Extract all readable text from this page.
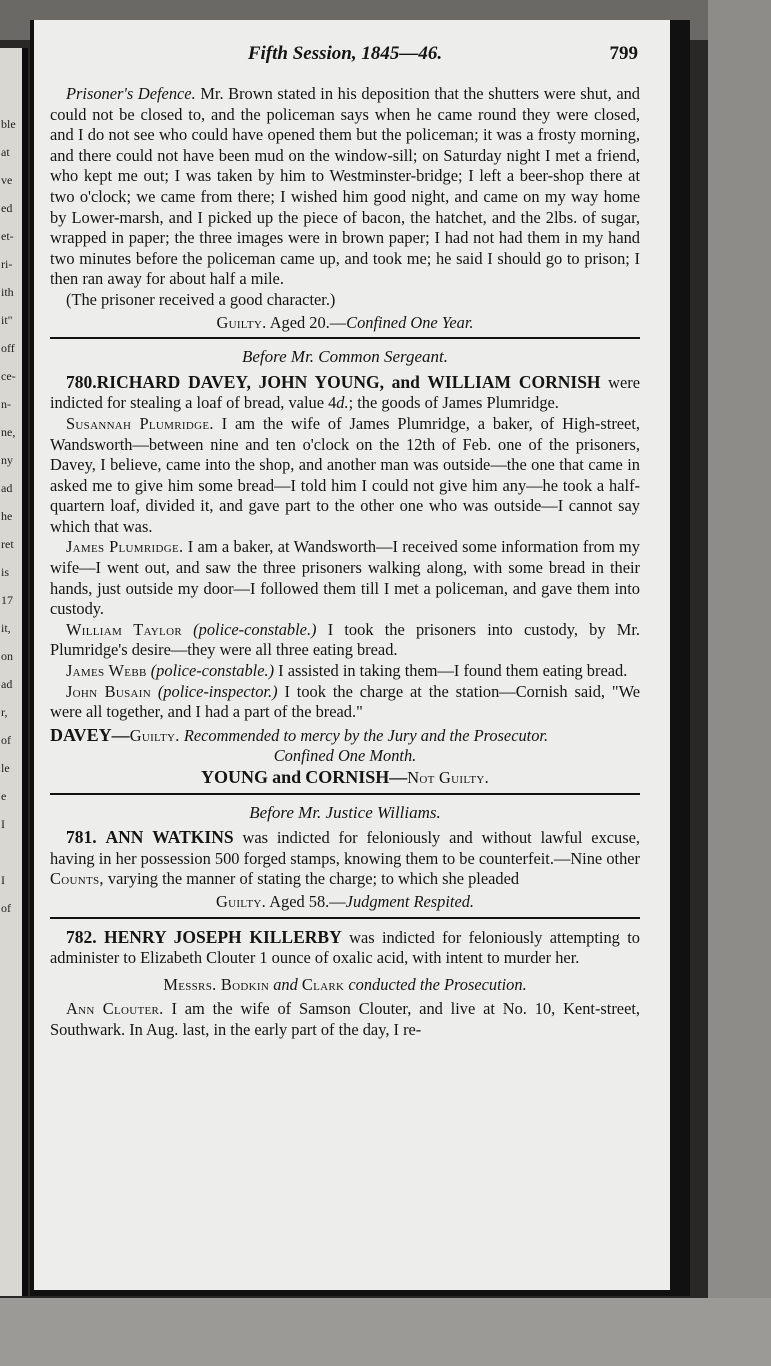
ble
at
ve
ed
et-
ri-
ith
it"
off
ce-
n-
ne,
ny
ad
he
ret
is
17
it,
on
ad
r,
of
le
e
I
I
of
Fifth Session, 1845—46.	799

Prisoner's Defence. Mr. Brown stated in his deposition that the shutters were shut, and could not be closed to, and the policeman says when he came round they were closed, and I do not see who could have opened them but the policeman; it was a frosty morning, and there could not have been mud on the window-sill; on Saturday night I met a friend, who kept me out; I was taken by him to Westminster-bridge; I left a beer-shop there at two o'clock; we came from there; I wished him good night, and came on my way home by Lower-marsh, and I picked up the piece of bacon, the hatchet, and the 2lbs. of sugar, wrapped in paper; the three images were in brown paper; I had not had them in my hand two minutes before the policeman came up, and took me; he said I should go to prison; I then ran away for about half a mile.

(The prisoner received a good character.)

Guilty. Aged 20.—Confined One Year.

Before Mr. Common Sergeant.

780.RICHARD DAVEY, JOHN YOUNG, and WILLIAM CORNISH were indicted for stealing a loaf of bread, value 4d.; the goods of James Plumridge.

Susannah Plumridge. I am the wife of James Plumridge, a baker, of High-street, Wandsworth—between nine and ten o'clock on the 12th of Feb. one of the prisoners, Davey, I believe, came into the shop, and another man was outside—the one that came in asked me to give him some bread—I told him I could not give him any—he took a half-quartern loaf, divided it, and gave part to the other one who was outside—I cannot say which that was.

James Plumridge. I am a baker, at Wandsworth—I received some information from my wife—I went out, and saw the three prisoners walking along, with some bread in their hands, just outside my door—I followed them till I met a policeman, and gave them into custody.

William Taylor (police-constable.) I took the prisoners into custody, by Mr. Plumridge's desire—they were all three eating bread.

James Webb (police-constable.) I assisted in taking them—I found them eating bread.

John Busain (police-inspector.) I took the charge at the station—Cornish said, "We were all together, and I had a part of the bread."

DAVEY—Guilty. Recommended to mercy by the Jury and the Prosecutor.

Confined One Month.

YOUNG and CORNISH—Not Guilty.

Before Mr. Justice Williams.

781. ANN WATKINS was indicted for feloniously and without lawful excuse, having in her possession 500 forged stamps, knowing them to be counterfeit.—Nine other Counts, varying the manner of stating the charge; to which she pleaded

Guilty. Aged 58.—Judgment Respited.

782. HENRY JOSEPH KILLERBY was indicted for feloniously attempting to administer to Elizabeth Clouter 1 ounce of oxalic acid, with intent to murder her.

Messrs. Bodkin and Clark conducted the Prosecution.

Ann Clouter. I am the wife of Samson Clouter, and live at No. 10, Kent-street, Southwark. In Aug. last, in the early part of the day, I re-
